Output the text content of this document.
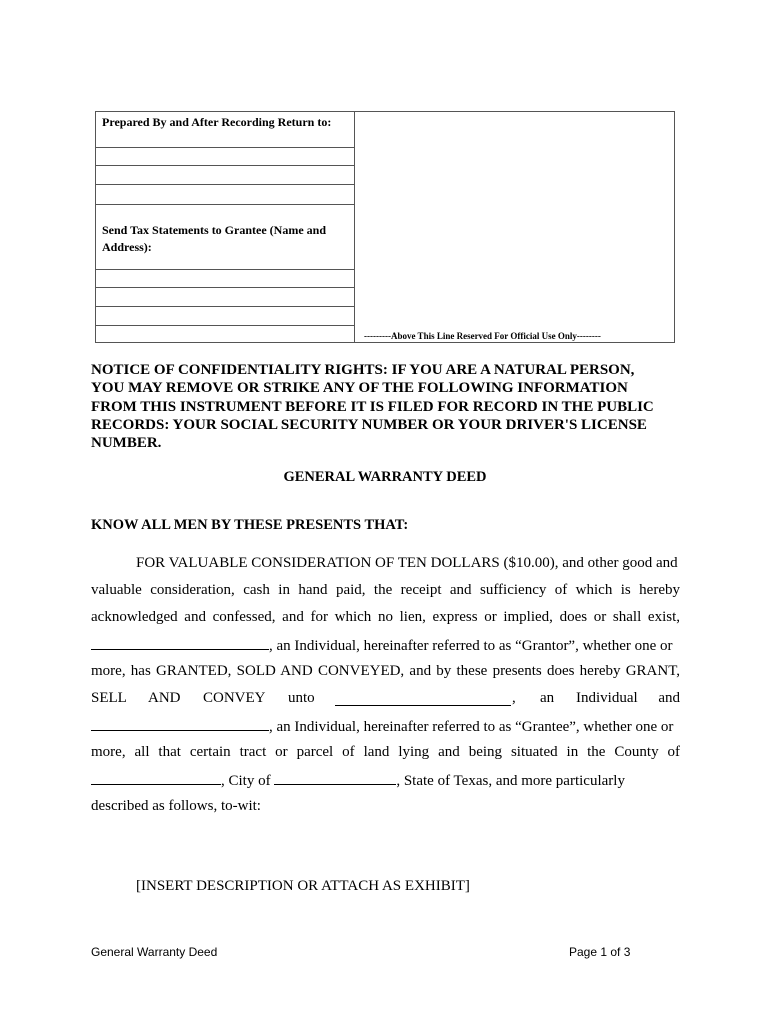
Prepared By and After Recording Return to:
Send Tax Statements to Grantee (Name and Address):
---------Above This Line Reserved For Official Use Only--------
NOTICE OF CONFIDENTIALITY RIGHTS: IF YOU ARE A NATURAL PERSON, YOU MAY REMOVE OR STRIKE ANY OF THE FOLLOWING INFORMATION FROM THIS INSTRUMENT BEFORE IT IS FILED FOR RECORD IN THE PUBLIC RECORDS: YOUR SOCIAL SECURITY NUMBER OR YOUR DRIVER'S LICENSE NUMBER.
GENERAL WARRANTY DEED
KNOW ALL MEN BY THESE PRESENTS THAT:
FOR VALUABLE CONSIDERATION OF TEN DOLLARS ($10.00), and other good and
valuable consideration, cash in hand paid, the receipt and sufficiency of which is hereby
acknowledged and confessed, and for which no lien, express or implied, does or shall exist,
, an Individual, hereinafter referred to as “Grantor”, whether one or
more, has GRANTED, SOLD AND CONVEYED, and by these presents does hereby GRANT,
SELL AND CONVEY unto	, an Individual and
, an Individual, hereinafter referred to as “Grantee”, whether one or
more, all that certain tract or parcel of land lying and being situated in the County of
, City of	, State of Texas, and more particularly
described as follows, to-wit:
[INSERT DESCRIPTION OR ATTACH AS EXHIBIT]
General Warranty Deed	Page 1 of 3
